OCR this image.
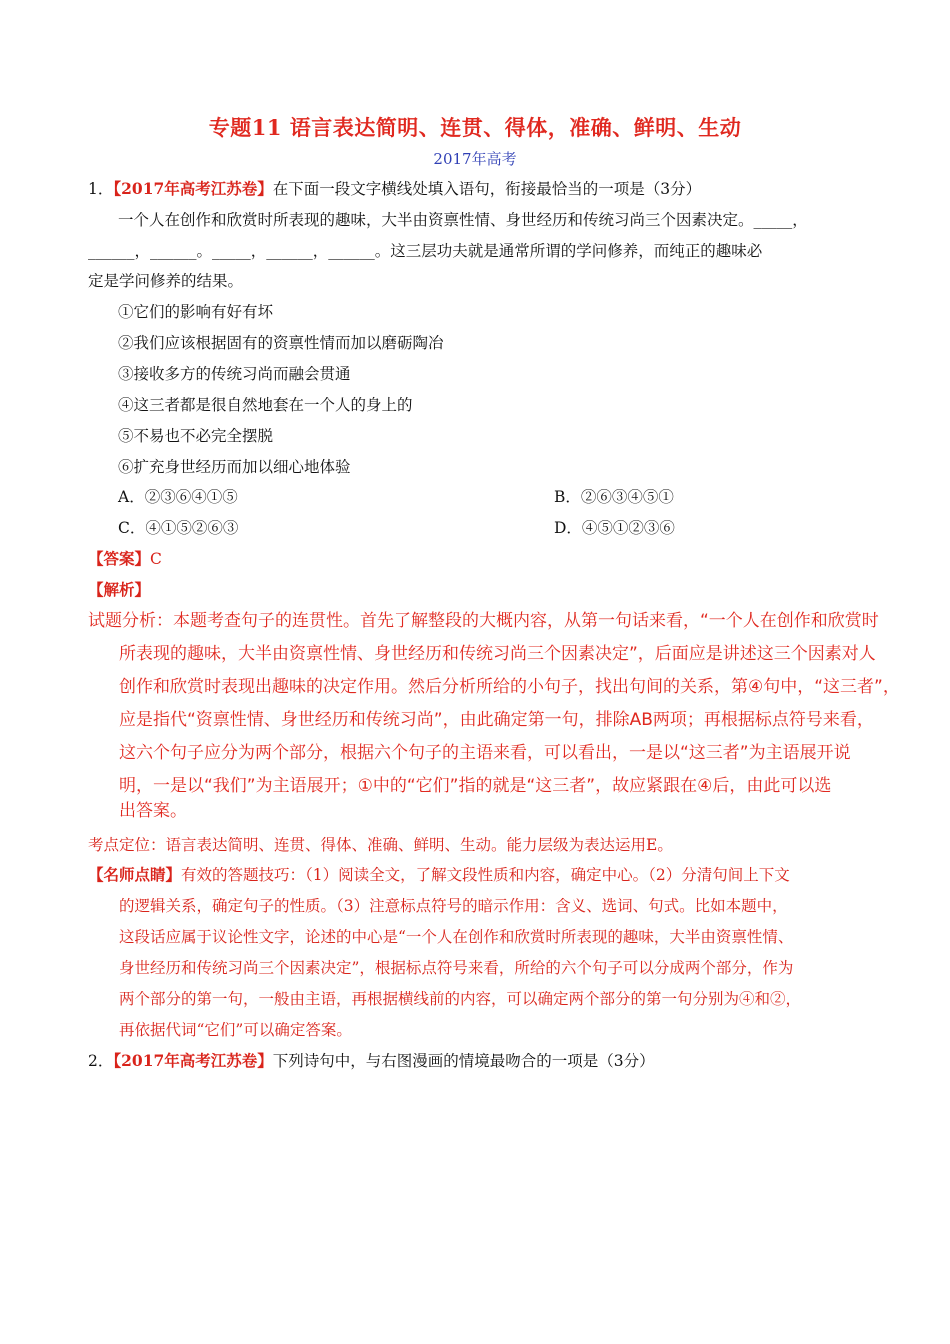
专题11 语言表达简明、连贯、得体，准确、鲜明、生动
2017年高考
1．【2017年高考江苏卷】在下面一段文字横线处填入语句，衔接最恰当的一项是（3分）
一个人在创作和欣赏时所表现的趣味，大半由资禀性情、身世经历和传统习尚三个因素决定。_____，
______，______。_____，______，______。这三层功夫就是通常所谓的学问修养，而纯正的趣味必
定是学问修养的结果。
①它们的影响有好有坏
②我们应该根据固有的资禀性情而加以磨砺陶冶
③接收多方的传统习尚而融会贯通
④这三者都是很自然地套在一个人的身上的
⑤不易也不必完全摆脱
⑥扩充身世经历而加以细心地体验
A．②③⑥④①⑤	B．②⑥③④⑤①
C．④①⑤②⑥③	D．④⑤①②③⑥
【答案】C
【解析】
试题分析：本题考查句子的连贯性。首先了解整段的大概内容，从第一句话来看，“一个人在创作和欣赏时
所表现的趣味，大半由资禀性情、身世经历和传统习尚三个因素决定”，后面应是讲述这三个因素对人
创作和欣赏时表现出趣味的决定作用。然后分析所给的小句子，找出句间的关系，第④句中，“这三者”，
应是指代“资禀性情、身世经历和传统习尚”，由此确定第一句，排除AB两项；再根据标点符号来看，
这六个句子应分为两个部分，根据六个句子的主语来看，可以看出，一是以“这三者”为主语展开说
明，一是以“我们”为主语展开；①中的“它们”指的就是“这三者”，故应紧跟在④后，由此可以选
出答案。
考点定位：语言表达简明、连贯、得体、准确、鲜明、生动。能力层级为表达运用E。
【名师点睛】有效的答题技巧：（1）阅读全文，了解文段性质和内容，确定中心。（2）分清句间上下文
的逻辑关系，确定句子的性质。（3）注意标点符号的暗示作用：含义、选词、句式。比如本题中，
这段话应属于议论性文字，论述的中心是“一个人在创作和欣赏时所表现的趣味，大半由资禀性情、
身世经历和传统习尚三个因素决定”，根据标点符号来看，所给的六个句子可以分成两个部分，作为
两个部分的第一句，一般由主语，再根据横线前的内容，可以确定两个部分的第一句分别为④和②，
再依据代词“它们”可以确定答案。
2．【2017年高考江苏卷】下列诗句中，与右图漫画的情境最吻合的一项是（3分）
